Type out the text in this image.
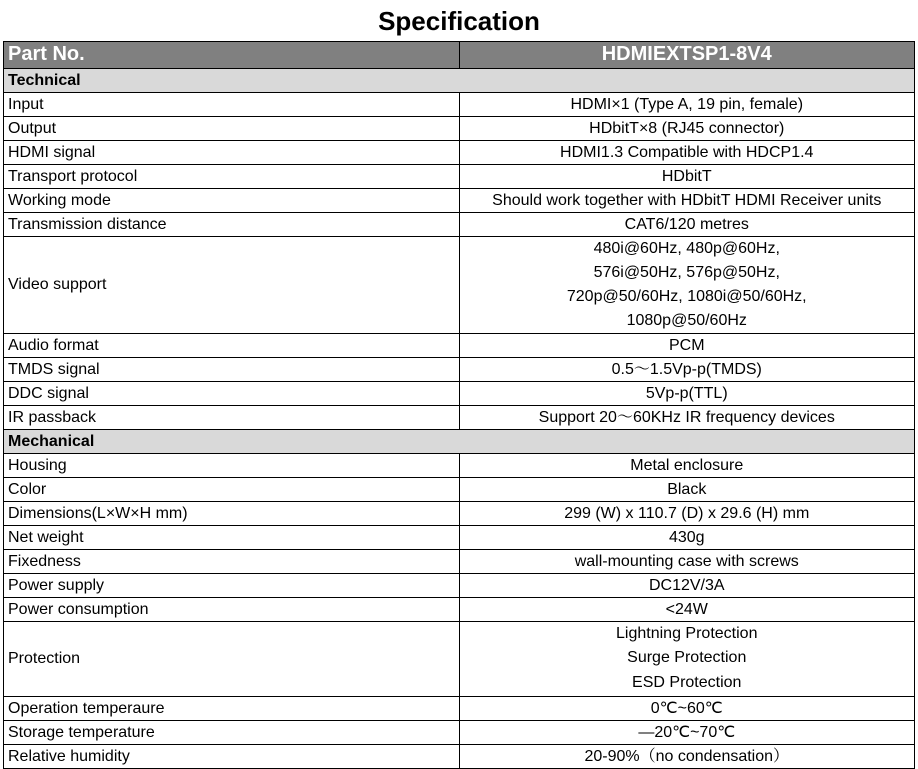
Specification	
Part No.	HDMIEXTSP1-8V4
Technical	
Input	HDMI×1 (Type A, 19 pin, female)
Output	HDbitT×8 (RJ45 connector)
HDMI signal	HDMI1.3 Compatible with HDCP1.4
Transport protocol	HDbitT
Working mode	Should work together with HDbitT HDMI Receiver units
Transmission distance	CAT6/120 metres
Video support	480i@60Hz, 480p@60Hz, 576i@50Hz, 576p@50Hz, 720p@50/60Hz, 1080i@50/60Hz, 1080p@50/60Hz
Audio format	PCM
TMDS signal	0.5～1.5Vp-p(TMDS)
DDC signal	5Vp-p(TTL)
IR passback	Support 20～60KHz IR frequency devices
Mechanical	
Housing	Metal enclosure
Color	Black
Dimensions(L×W×H mm)	299 (W) x 110.7 (D) x 29.6 (H) mm
Net weight	430g
Fixedness	wall-mounting case with screws
Power supply	DC12V/3A
Power consumption	<24W
Protection	Lightning Protection
Surge Protection
ESD Protection

Operation temperaure	0℃~60℃
Storage temperature	—20℃~70℃
Relative humidity	20-90%（no condensation）
